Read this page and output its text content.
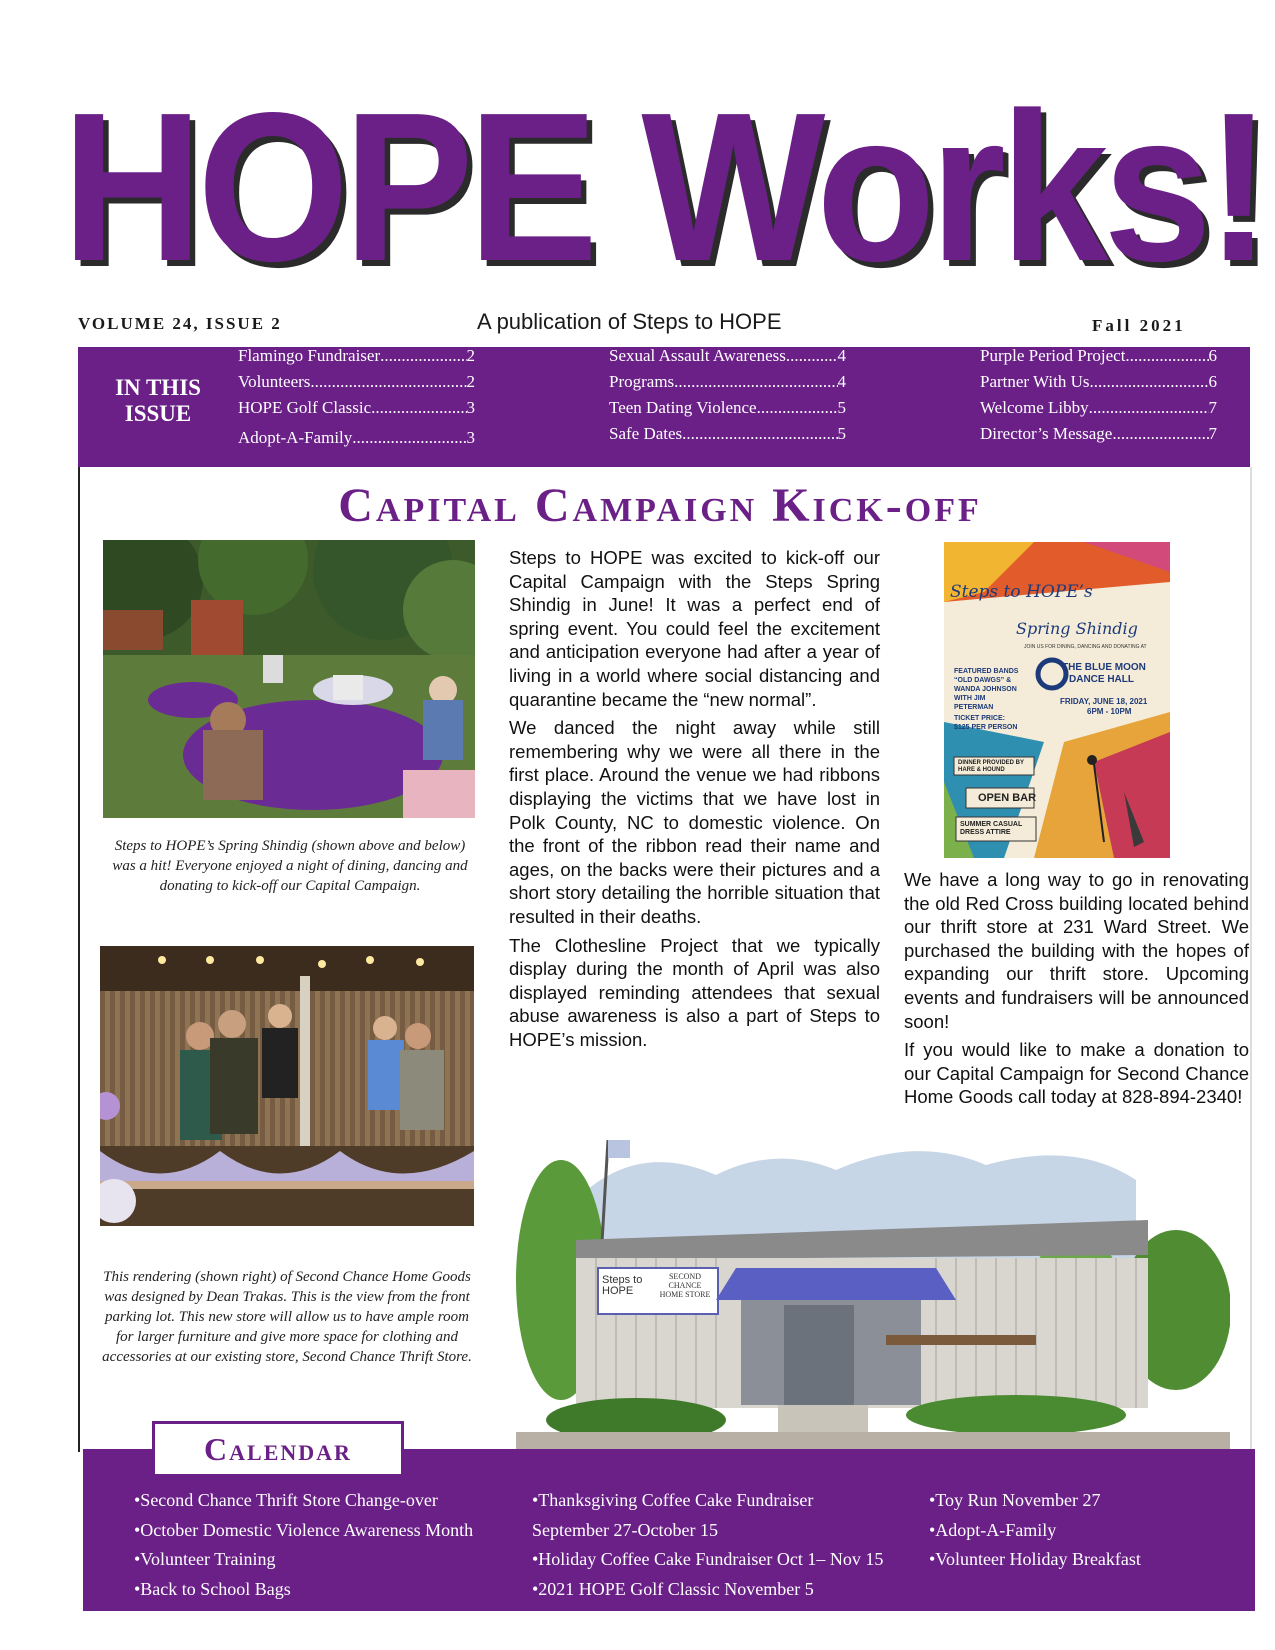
HOPE Works!
VOLUME 24, ISSUE 2	A publication of Steps to HOPE	Fall 2021
IN THIS ISSUE
Flamingo Fundraiser .....	2
Volunteers .....	2
HOPE Golf Classic .....	3
Adopt-A-Family .....	3
Sexual Assault Awareness .....	4
Programs .....	4
Teen Dating Violence .....	5
Safe Dates .....	5
Purple Period Project .....	6
Partner With Us .....	6
Welcome Libby .....	7
Director’s Message .....	7
Capital Campaign Kick-off
Steps to HOPE’s Spring Shindig (shown above and below) was a hit! Everyone enjoyed a night of dining, dancing and donating to kick-off our Capital Campaign.
This rendering (shown right) of Second Chance Home Goods was designed by Dean Trakas. This is the view from the front parking lot. This new store will allow us to have ample room for larger furniture and give more space for clothing and accessories at our existing store, Second Chance Thrift Store.

Steps to HOPE was excited to kick-off our Capital Campaign with the Steps Spring Shindig in June! It was a perfect end of spring event. You could feel the excitement and anticipation everyone had after a year of living in a world where social distancing and quarantine became the “new normal”.

We danced the night away while still remembering why we were all there in the first place. Around the venue we had ribbons displaying the victims that we have lost in Polk County, NC to domestic violence. On the front of the ribbon read their name and ages, on the backs were their pictures and a short story detailing the horrible situation that resulted in their deaths.

The Clothesline Project that we typically display during the month of April was also displayed reminding attendees that sexual abuse awareness is also a part of Steps to HOPE’s mission.

Steps to HOPE’s
Spring Shindig
JOIN US FOR DINING, DANCING AND DONATING AT
THE BLUE MOON
DANCE HALL
FEATURED BANDS “OLD DAWGS” & WANDA JOHNSON WITH JIM PETERMAN
FRIDAY, JUNE 18, 2021
6PM - 10PM
TICKET PRICE: $125 PER PERSON
DINNER PROVIDED BY HARE & HOUND
OPEN BAR
SUMMER CASUAL DRESS ATTIRE

We have a long way to go in renovating the old Red Cross building located behind our thrift store at 231 Ward Street. We purchased the building with the hopes of expanding our thrift store. Upcoming events and fundraisers will be announced soon!

If you would like to make a donation to our Capital Campaign for Second Chance Home Goods call today at 828-894-2340!

Steps to HOPE
SECOND CHANCE HOME STORE
Calendar
•Second Chance Thrift Store Change-over
•October Domestic Violence Awareness Month
•Volunteer Training
•Back to School Bags
•Thanksgiving Coffee Cake Fundraiser
September 27-October 15
•Holiday Coffee Cake Fundraiser Oct 1– Nov 15
•2021 HOPE Golf Classic November 5
•Toy Run November 27
•Adopt-A-Family
•Volunteer Holiday Breakfast
